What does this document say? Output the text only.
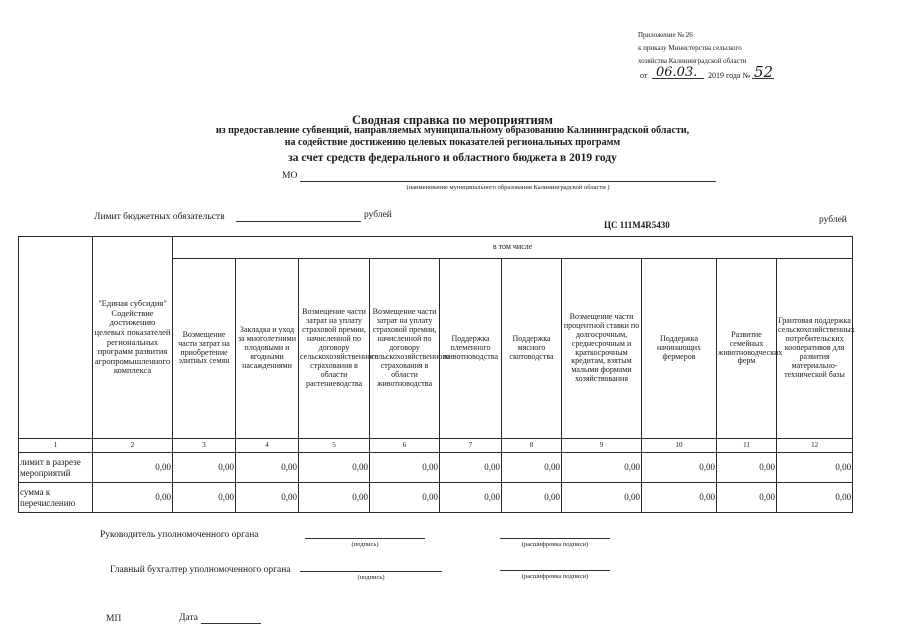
Приложение № 26
к приказу Министерства сельского
хозяйства Калининградской области
от 06.03. 2019 года № 52
Сводная справка по мероприятиям
из предоставление субвенций, направляемых муниципальному образованию Калининградской области,
на содействие достижению целевых показателей региональных программ
за счет средств федерального и областного бюджета в 2019 году
МО
(наименование муниципального образования Калининградской области )
Лимит бюджетных обязательств	рублей
ЦС 111М4R5430	рублей
	"Единая субсидия" Содействие достижению целевых показателей региональных программ развития агропромышленного комплекса	в том числе									
		Возмещение части затрат на приобретение элитных семян	Закладка и уход за многолетними плодовыми и ягодными насаждениями	Возмещение части затрат на уплату страховой премии, начисленной по договору сельскохозяйственного страхования в области растениеводства	Возмещение части затрат на уплату страховой премии, начисленной по договору сельскохозяйственного страхования в области животноводства	Поддержка племенного животноводства	Поддержка мясного скотоводства	Возмещение части процентной ставки по долгосрочным, среднесрочным и краткосрочным кредитам, взятым малыми формами хозяйствования	Поддержка начинающих фермеров	Развитие семейных животноводческих ферм	Грантовая поддержка сельскохозяйственных потребительских кооперативов для развития материально-технической базы
1	2	3	4	5	6	7	8	9	10	11	12
лимит в разрезе мероприятий	0,00	0,00	0,00	0,00	0,00	0,00	0,00	0,00	0,00	0,00	0,00
сумма к перечислению	0,00	0,00	0,00	0,00	0,00	0,00	0,00	0,00	0,00	0,00	0,00
Руководитель уполномоченного органа
(подпись)	(расшифровка подписи)
Главный бухгалтер уполномоченного органа
(подпись)	(расшифровка подписи)
МП	Дата
